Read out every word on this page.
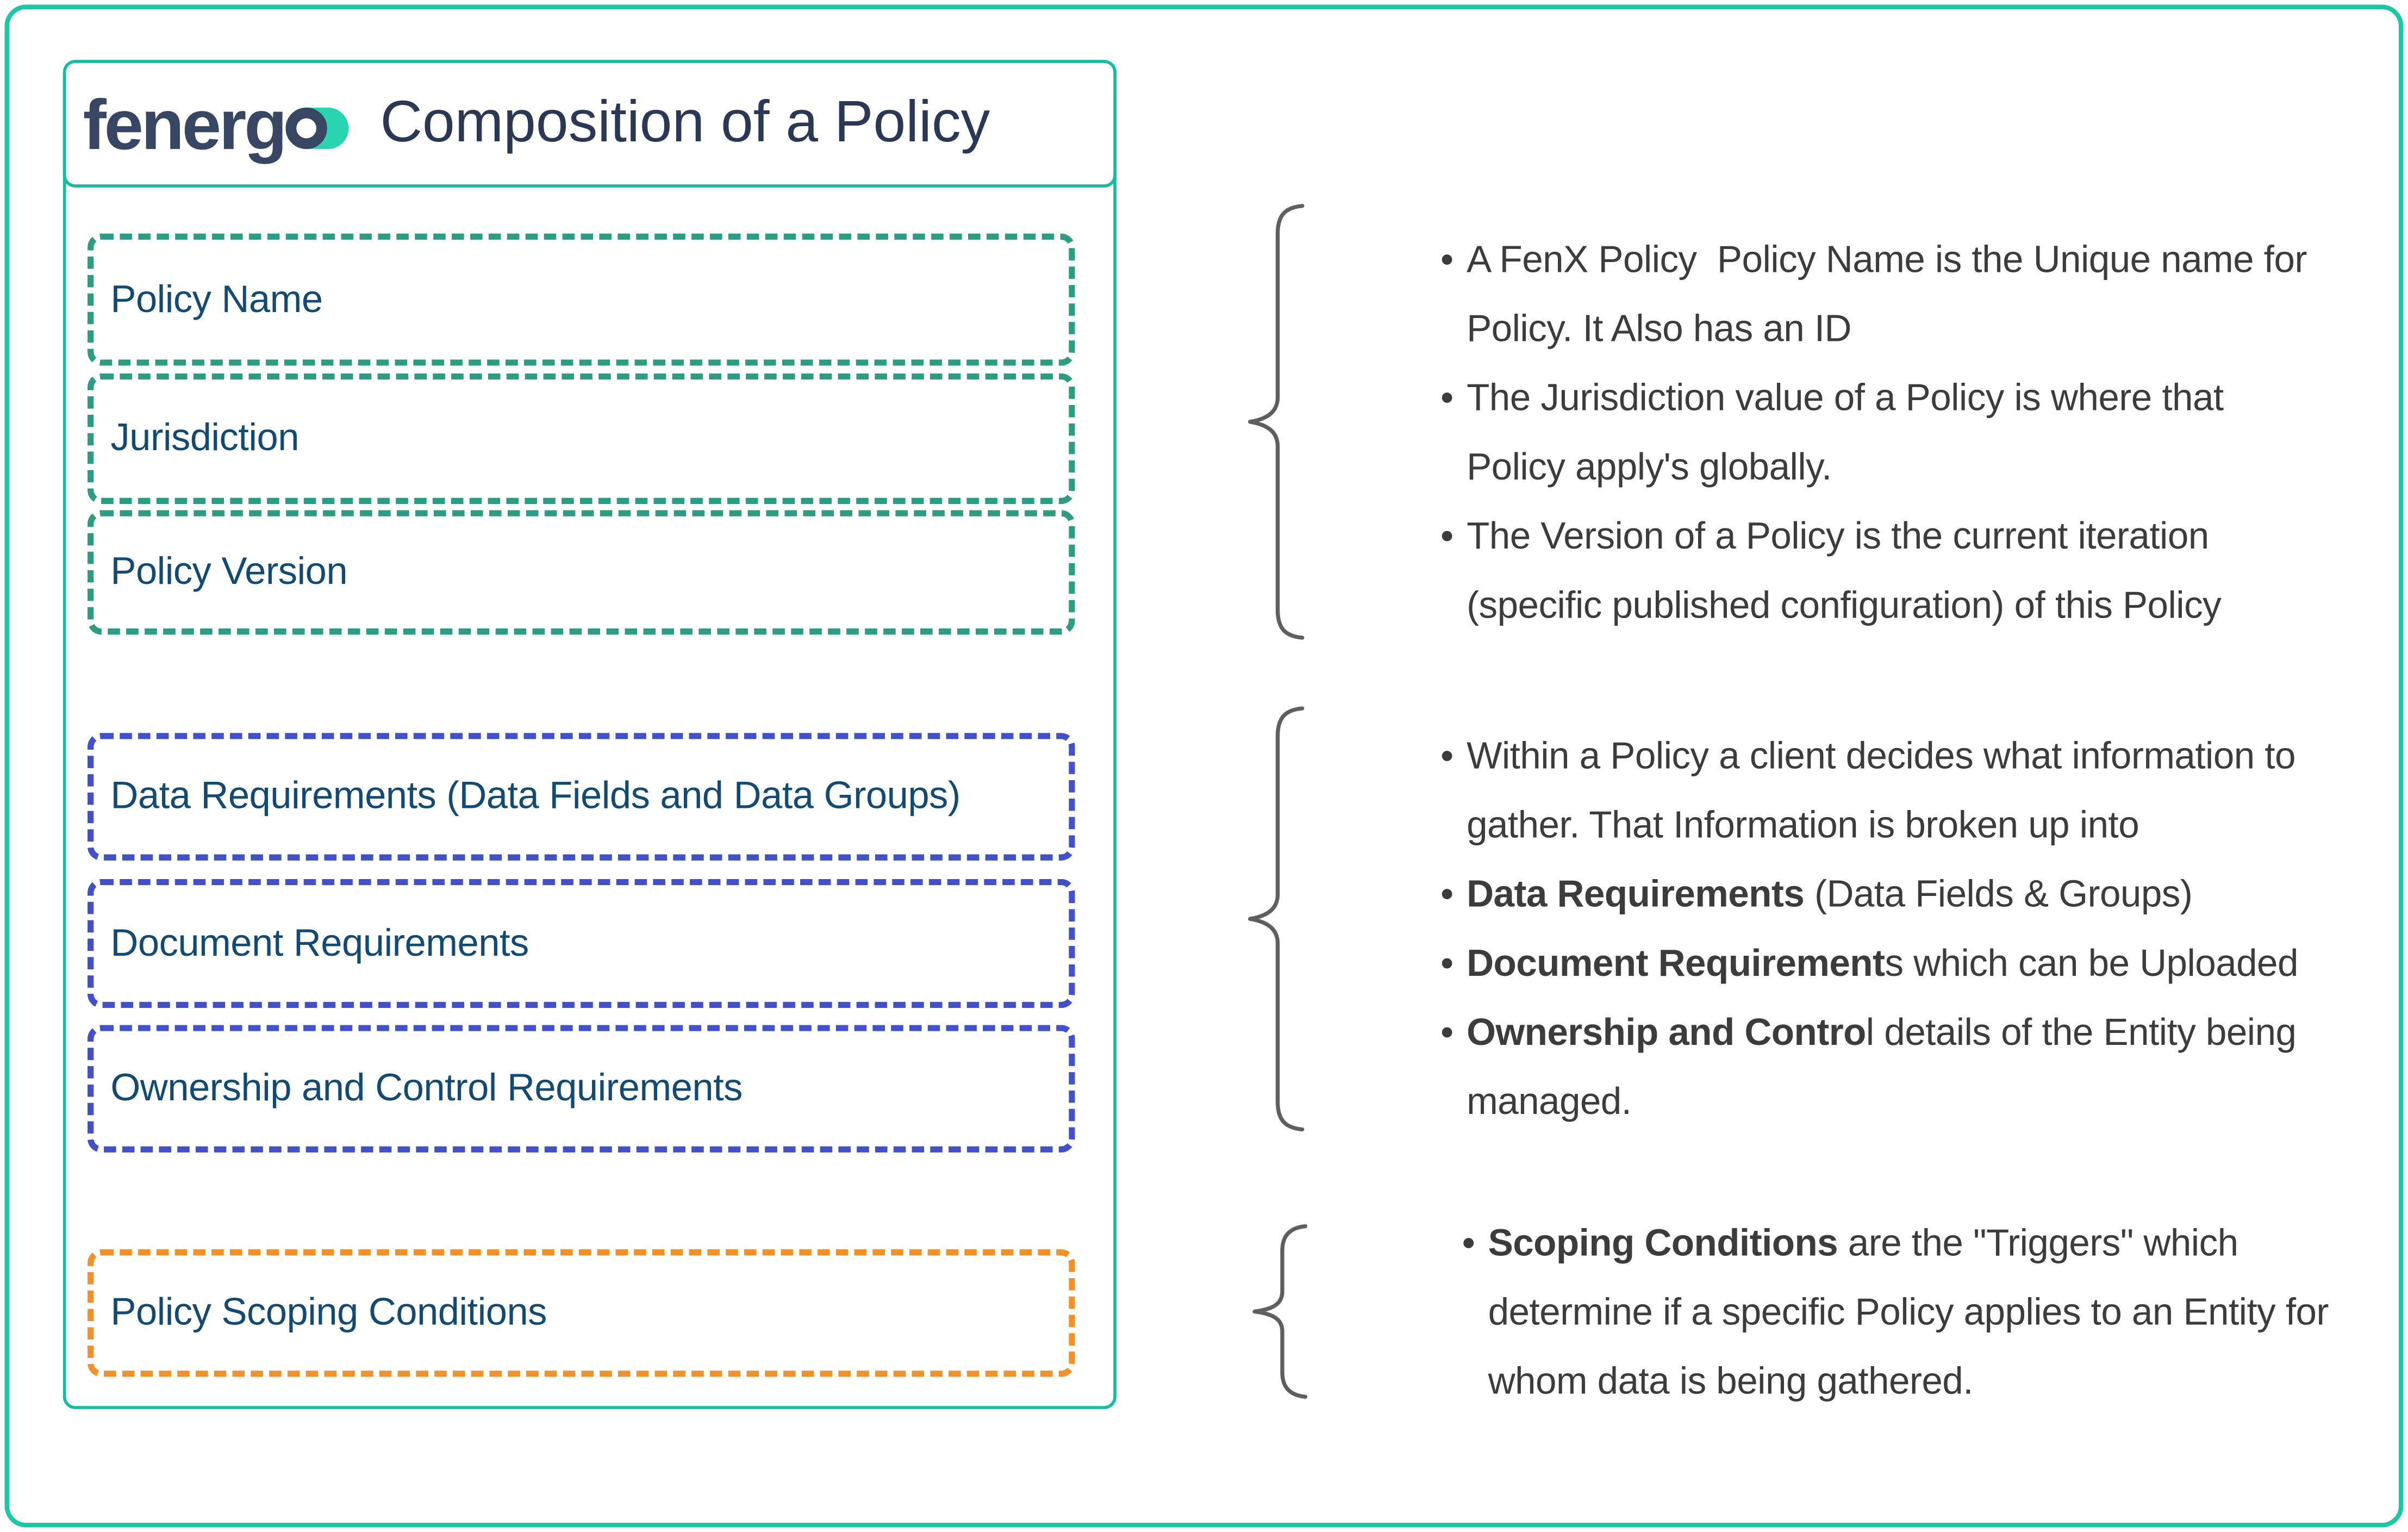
fenerg	Composition of a Policy
Policy Name
Jurisdiction
Policy Version
Data Requirements (Data Fields and Data Groups)
Document Requirements
Ownership and Control Requirements
Policy Scoping Conditions
• A FenX Policy  Policy Name is the Unique name for
Policy. It Also has an ID
• The Jurisdiction value of a Policy is where that
Policy apply's globally.
• The Version of a Policy is the current iteration
(specific published configuration) of this Policy
• Within a Policy a client decides what information to
gather. That Information is broken up into
• Data Requirements (Data Fields & Groups)
• Document Requirements which can be Uploaded
• Ownership and Control details of the Entity being
managed.
• Scoping Conditions are the "Triggers" which
determine if a specific Policy applies to an Entity for
whom data is being gathered.
